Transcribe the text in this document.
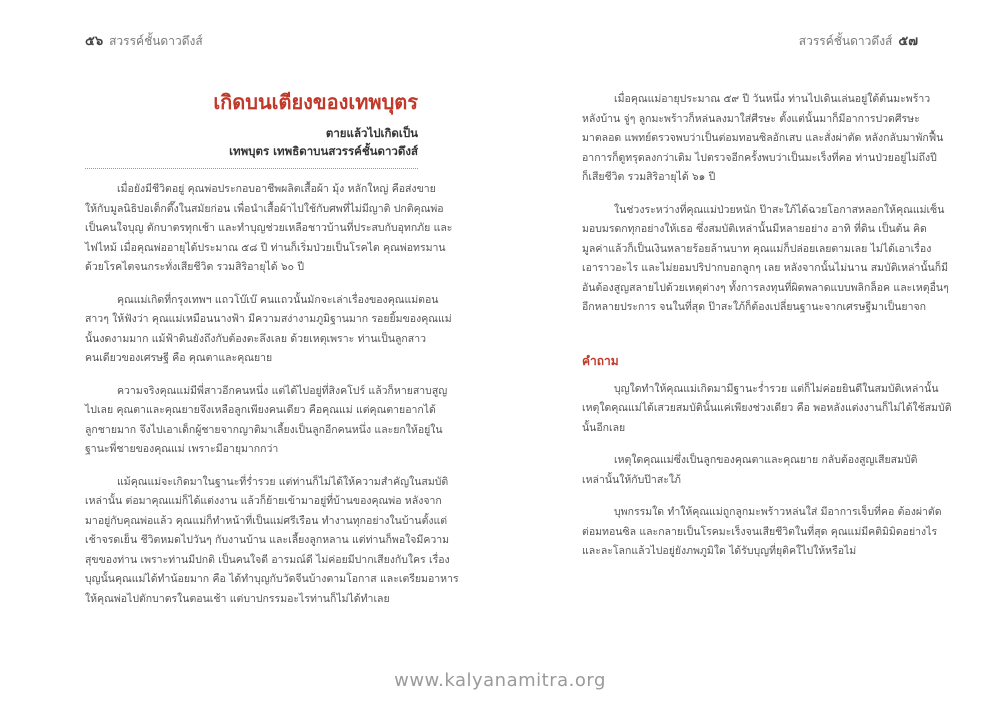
๕๖ สวรรค์ชั้นดาวดึงส์
เกิดบนเตียงของเทพบุตร
ตายแล้วไปเกิดเป็น
เทพบุตร เทพธิดาบนสวรรค์ชั้นดาวดึงส์

เมื่อยังมีชีวิตอยู่ คุณพ่อประกอบอาชีพผลิตเสื้อผ้า มุ้ง หลักใหญ่ คือส่งขาย
ให้กับมูลนิธิปอเต็กตึ๊งในสมัยก่อน เพื่อนำเสื้อผ้าไปใช้กับศพที่ไม่มีญาติ ปกติคุณพ่อ
เป็นคนใจบุญ ตักบาตรทุกเช้า และทำบุญช่วยเหลือชาวบ้านที่ประสบกับอุทกภัย และ
ไฟไหม้ เมื่อคุณพ่ออายุได้ประมาณ ๕๘ ปี ท่านก็เริ่มป่วยเป็นโรคไต คุณพ่อทรมาน
ด้วยโรคไตจนกระทั่งเสียชีวิต รวมสิริอายุได้ ๖๐ ปี

คุณแม่เกิดที่กรุงเทพฯ แถวโบ๊เบ๊ คนแถวนั้นมักจะเล่าเรื่องของคุณแม่ตอน
สาวๆ ให้ฟังว่า คุณแม่เหมือนนางฟ้า มีความสง่างามภูมิฐานมาก รอยยิ้มของคุณแม่
นั้นงดงามมาก แม้ฟ้าดินยังถึงกับต้องตะลึงเลย ด้วยเหตุเพราะ ท่านเป็นลูกสาว
คนเดียวของเศรษฐี คือ คุณตาและคุณยาย

ความจริงคุณแม่มีพี่สาวอีกคนหนึ่ง แต่ได้ไปอยู่ที่สิงคโปร์ แล้วก็หายสาบสูญ
ไปเลย คุณตาและคุณยายจึงเหลือลูกเพียงคนเดียว คือคุณแม่ แต่คุณตายอากได้
ลูกชายมาก จึงไปเอาเด็กผู้ชายจากญาติมาเลี้ยงเป็นลูกอีกคนหนึ่ง และยกให้อยู่ใน
ฐานะพี่ชายของคุณแม่ เพราะมีอายุมากกว่า

แม้คุณแม่จะเกิดมาในฐานะที่ร่ำรวย แต่ท่านก็ไม่ได้ให้ความสำคัญในสมบัติ
เหล่านั้น ต่อมาคุณแม่ก็ได้แต่งงาน แล้วก็ย้ายเข้ามาอยู่ที่บ้านของคุณพ่อ หลังจาก
มาอยู่กับคุณพ่อแล้ว คุณแม่ก็ทำหน้าที่เป็นแม่ศรีเรือน ทำงานทุกอย่างในบ้านตั้งแต่
เช้าจรดเย็น ชีวิตหมดไปวันๆ กับงานบ้าน และเลี้ยงลูกหลาน แต่ท่านก็พอใจมีความ
สุขของท่าน เพราะท่านมีปกติ เป็นคนใจดี อารมณ์ดี ไม่ค่อยมีปากเสียงกับใคร เรื่อง
บุญนั้นคุณแม่ได้ทำน้อยมาก คือ ได้ทำบุญกับวัดจีนบ้างตามโอกาส และเตรียมอาหาร
ให้คุณพ่อไปตักบาตรในตอนเช้า แต่บาปกรรมอะไรท่านก็ไม่ได้ทำเลย

สวรรค์ชั้นดาวดึงส์ ๕๗

เมื่อคุณแม่อายุประมาณ ๕๙ ปี วันหนึ่ง ท่านไปเดินเล่นอยู่ใต้ต้นมะพร้าว
หลังบ้าน จู่ๆ ลูกมะพร้าวก็หล่นลงมาใส่ศีรษะ ตั้งแต่นั้นมาก็มีอาการปวดศีรษะ
มาตลอด แพทย์ตรวจพบว่าเป็นต่อมทอนซิลอักเสบ และสั่งผ่าตัด หลังกลับมาพักฟื้น
อาการก็ดูทรุดลงกว่าเดิม ไปตรวจอีกครั้งพบว่าเป็นมะเร็งที่คอ ท่านป่วยอยู่ไม่ถึงปี
ก็เสียชีวิต รวมสิริอายุได้ ๖๑ ปี

ในช่วงระหว่างที่คุณแม่ป่วยหนัก ป๊าสะใภ้ได้ฉวยโอกาสหลอกให้คุณแม่เซ็น
มอบมรดกทุกอย่างให้เธอ ซึ่งสมบัติเหล่านั้นมีหลายอย่าง อาทิ ที่ดิน เป็นต้น คิด
มูลค่าแล้วก็เป็นเงินหลายร้อยล้านบาท คุณแม่ก็ปล่อยเลยตามเลย ไม่ได้เอาเรื่อง
เอาราวอะไร และไม่ยอมปริปากบอกลูกๆ เลย หลังจากนั้นไม่นาน สมบัติเหล่านั้นก็มี
อันต้องสูญสลายไปด้วยเหตุต่างๆ ทั้งการลงทุนที่ผิดพลาดแบบพลิกล็อค และเหตุอื่นๆ
อีกหลายประการ จนในที่สุด ป๊าสะใภ้ก็ต้องเปลี่ยนฐานะจากเศรษฐีมาเป็นยาจก

คำถาม

บุญใดทำให้คุณแม่เกิดมามีฐานะร่ำรวย แต่ก็ไม่ค่อยยินดีในสมบัติเหล่านั้น
เหตุใดคุณแม่ได้เสวยสมบัตินั้นแค่เพียงช่วงเดียว คือ พอหลังแต่งงานก็ไม่ได้ใช้สมบัติ
นั้นอีกเลย

เหตุใดคุณแม่ซึ่งเป็นลูกของคุณตาและคุณยาย กลับต้องสูญเสียสมบัติ
เหล่านั้นให้กับป๊าสะใภ้

บุพกรรมใด ทำให้คุณแม่ถูกลูกมะพร้าวหล่นใส่ มีอาการเจ็บที่คอ ต้องผ่าตัด
ต่อมทอนซิล และกลายเป็นโรคมะเร็งจนเสียชีวิตในที่สุด คุณแม่มีคติมิมิดอย่างไร
และละโลกแล้วไปอยู่ยังภพภูมิใด ได้รับบุญที่ยุติคใไปให้หรือไม่

www.kalyanamitra.org
